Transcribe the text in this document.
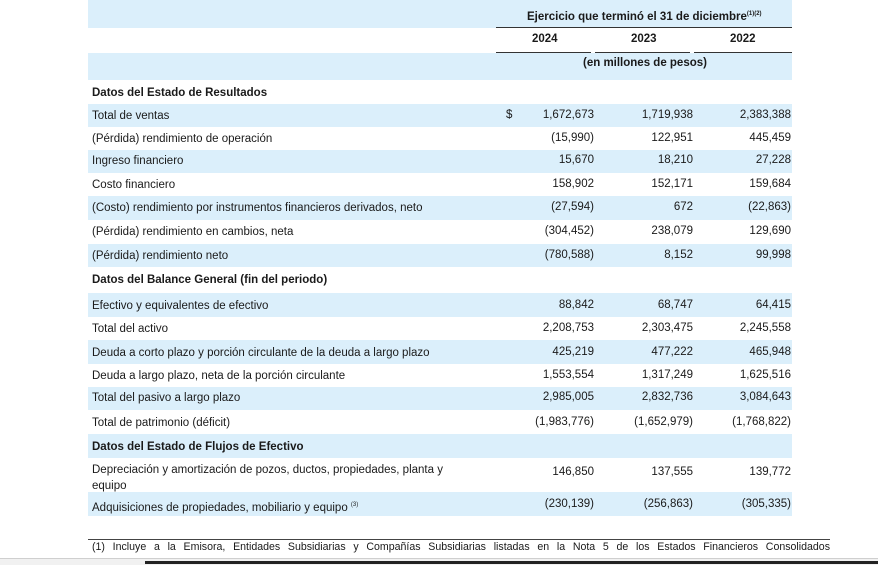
Ejercicio que terminó el 31 de diciembre$^{(1)(2)}$
2024	2023	2022
(en millones de pesos)
Datos del Estado de Resultados
Total de ventas	$	1,672,673	1,719,938	2,383,388
(Pérdida) rendimiento de operación	(15,990)	122,951	445,459
Ingreso financiero	15,670	18,210	27,228
Costo financiero	158,902	152,171	159,684
(Costo) rendimiento por instrumentos financieros derivados, neto	(27,594)	672	(22,863)
(Pérdida) rendimiento en cambios, neta	(304,452)	238,079	129,690
(Pérdida) rendimiento neto	(780,588)	8,152	99,998
Datos del Balance General (fin del periodo)
Efectivo y equivalentes de efectivo	88,842	68,747	64,415
Total del activo	2,208,753	2,303,475	2,245,558
Deuda a corto plazo y porción circulante de la deuda a largo plazo	425,219	477,222	465,948
Deuda a largo plazo, neta de la porción circulante	1,553,554	1,317,249	1,625,516
Total del pasivo a largo plazo	2,985,005	2,832,736	3,084,643
Total de patrimonio (déficit)	(1,983,776)	(1,652,979)	(1,768,822)
Datos del Estado de Flujos de Efectivo
Depreciación y amortización de pozos, ductos, propiedades, planta y equipo
146,850	137,555	139,772
Adquisiciones de propiedades, mobiliario y equipo $^{(3)}$	(230,139)	(256,863)	(305,335)
(1) Incluye a la Emisora, Entidades Subsidiarias y Compañías Subsidiarias listadas en la Nota 5 de los Estados Financieros Consolidados
